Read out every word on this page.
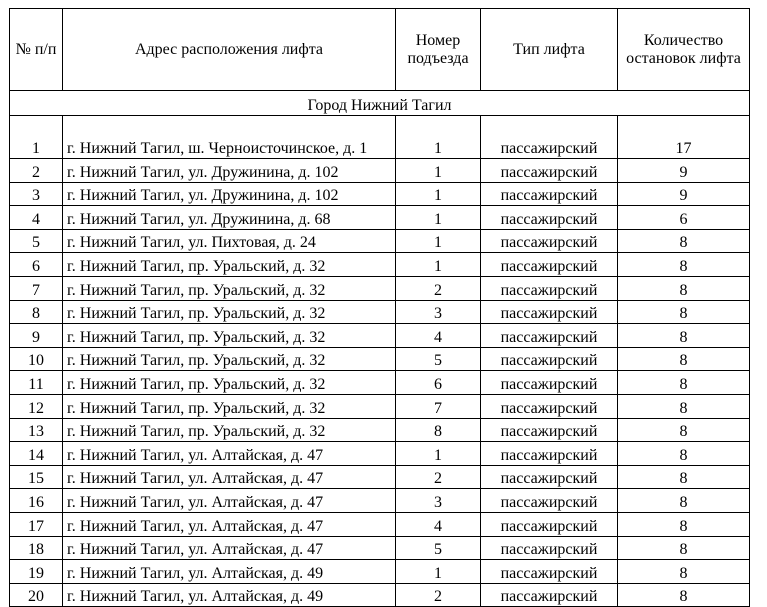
№ п/п	Адрес расположения лифта	Номер подъезда	Тип лифта	Количество остановок лифта
Город Нижний Тагил				
1	г. Нижний Тагил, ш. Черноисточинское, д. 1	1	пассажирский	17
2	г. Нижний Тагил, ул. Дружинина, д. 102	1	пассажирский	9
3	г. Нижний Тагил, ул. Дружинина, д. 102	1	пассажирский	9
4	г. Нижний Тагил, ул. Дружинина, д. 68	1	пассажирский	6
5	г. Нижний Тагил, ул. Пихтовая, д. 24	1	пассажирский	8
6	г. Нижний Тагил, пр. Уральский, д. 32	1	пассажирский	8
7	г. Нижний Тагил, пр. Уральский, д. 32	2	пассажирский	8
8	г. Нижний Тагил, пр. Уральский, д. 32	3	пассажирский	8
9	г. Нижний Тагил, пр. Уральский, д. 32	4	пассажирский	8
10	г. Нижний Тагил, пр. Уральский, д. 32	5	пассажирский	8
11	г. Нижний Тагил, пр. Уральский, д. 32	6	пассажирский	8
12	г. Нижний Тагил, пр. Уральский, д. 32	7	пассажирский	8
13	г. Нижний Тагил, пр. Уральский, д. 32	8	пассажирский	8
14	г. Нижний Тагил, ул. Алтайская, д. 47	1	пассажирский	8
15	г. Нижний Тагил, ул. Алтайская, д. 47	2	пассажирский	8
16	г. Нижний Тагил, ул. Алтайская, д. 47	3	пассажирский	8
17	г. Нижний Тагил, ул. Алтайская, д. 47	4	пассажирский	8
18	г. Нижний Тагил, ул. Алтайская, д. 47	5	пассажирский	8
19	г. Нижний Тагил, ул. Алтайская, д. 49	1	пассажирский	8
20	г. Нижний Тагил, ул. Алтайская, д. 49	2	пассажирский	8
